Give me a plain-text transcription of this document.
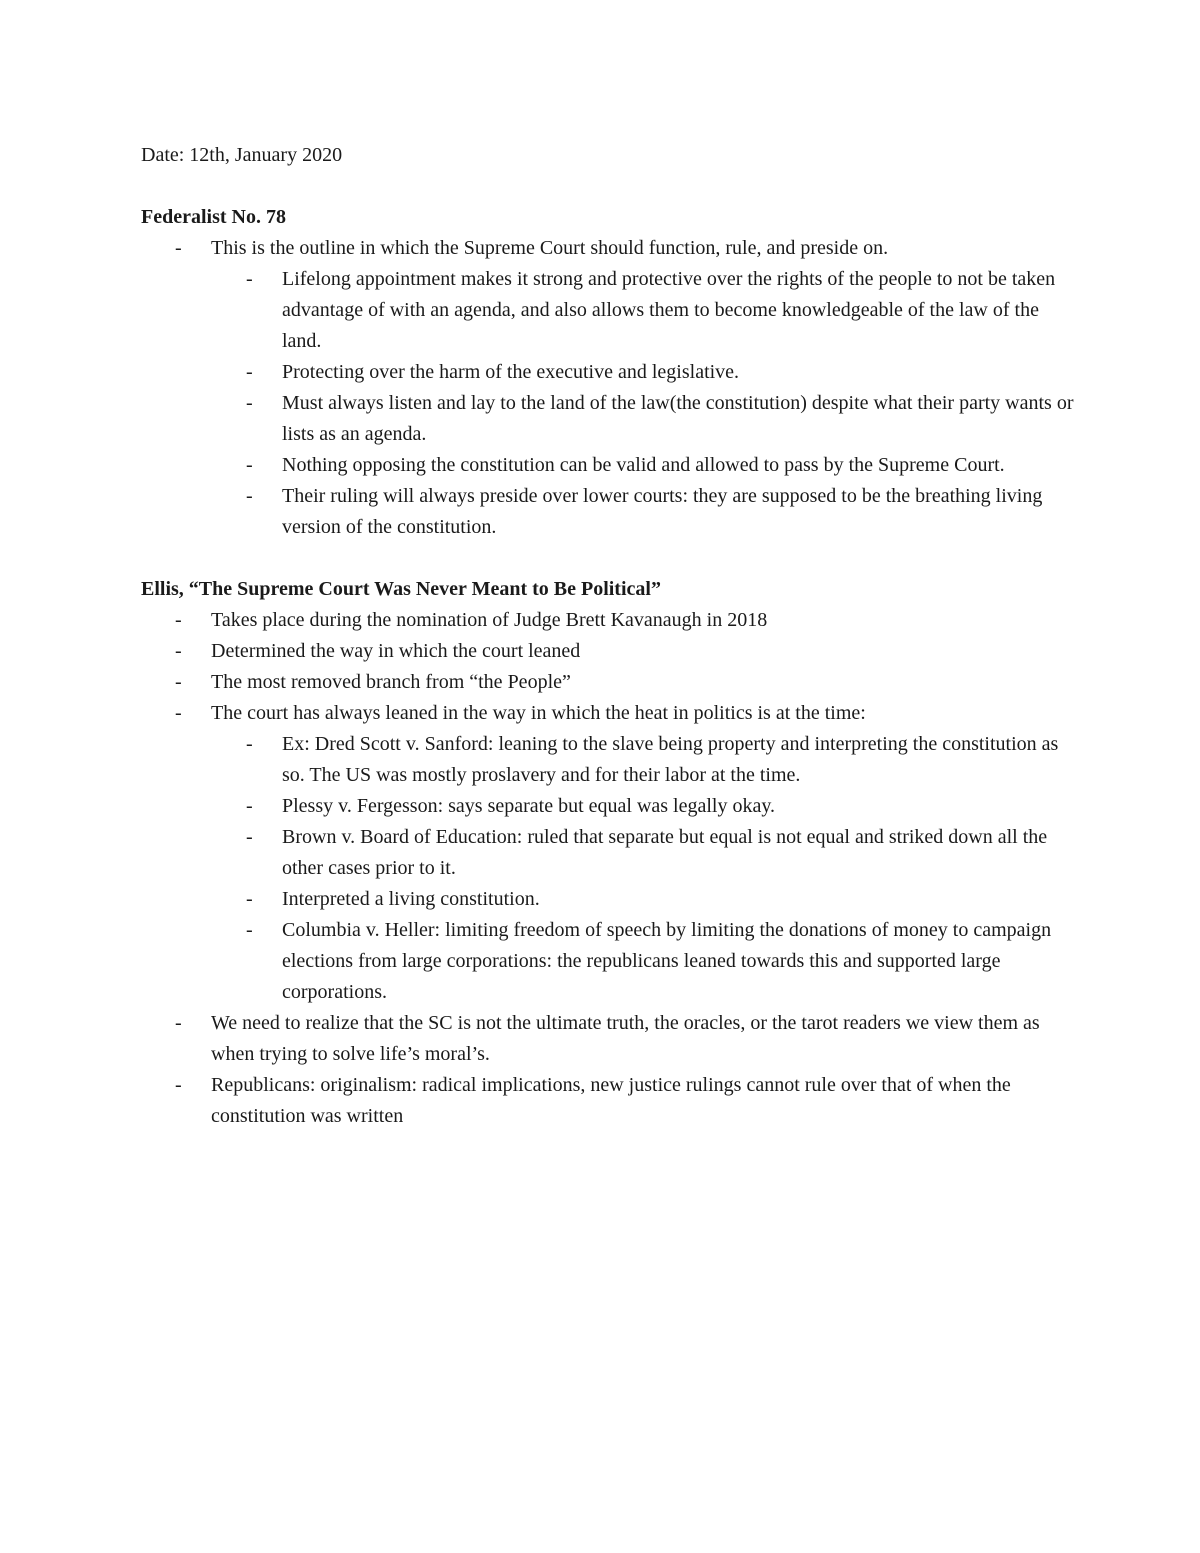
Date: 12th, January 2020

Federalist No. 78

- This is the outline in which the Supreme Court should function, rule, and preside on.
- Lifelong appointment makes it strong and protective over the rights of the people to not be taken advantage of with an agenda, and also allows them to become knowledgeable of the law of the land.
- Protecting over the harm of the executive and legislative.
- Must always listen and lay to the land of the law(the constitution) despite what their party wants or lists as an agenda.
- Nothing opposing the constitution can be valid and allowed to pass by the Supreme Court.
- Their ruling will always preside over lower courts: they are supposed to be the breathing living version of the constitution.

Ellis, “The Supreme Court Was Never Meant to Be Political”

- Takes place during the nomination of Judge Brett Kavanaugh in 2018
- Determined the way in which the court leaned
- The most removed branch from “the People”
- The court has always leaned in the way in which the heat in politics is at the time:
- Ex: Dred Scott v. Sanford: leaning to the slave being property and interpreting the constitution as so. The US was mostly proslavery and for their labor at the time.
- Plessy v. Fergesson: says separate but equal was legally okay.
- Brown v. Board of Education: ruled that separate but equal is not equal and striked down all the other cases prior to it.
- Interpreted a living constitution.
- Columbia v. Heller: limiting freedom of speech by limiting the donations of money to campaign elections from large corporations: the republicans leaned towards this and supported large corporations.
- We need to realize that the SC is not the ultimate truth, the oracles, or the tarot readers we view them as when trying to solve life’s moral’s.
- Republicans: originalism: radical implications, new justice rulings cannot rule over that of when the constitution was written
